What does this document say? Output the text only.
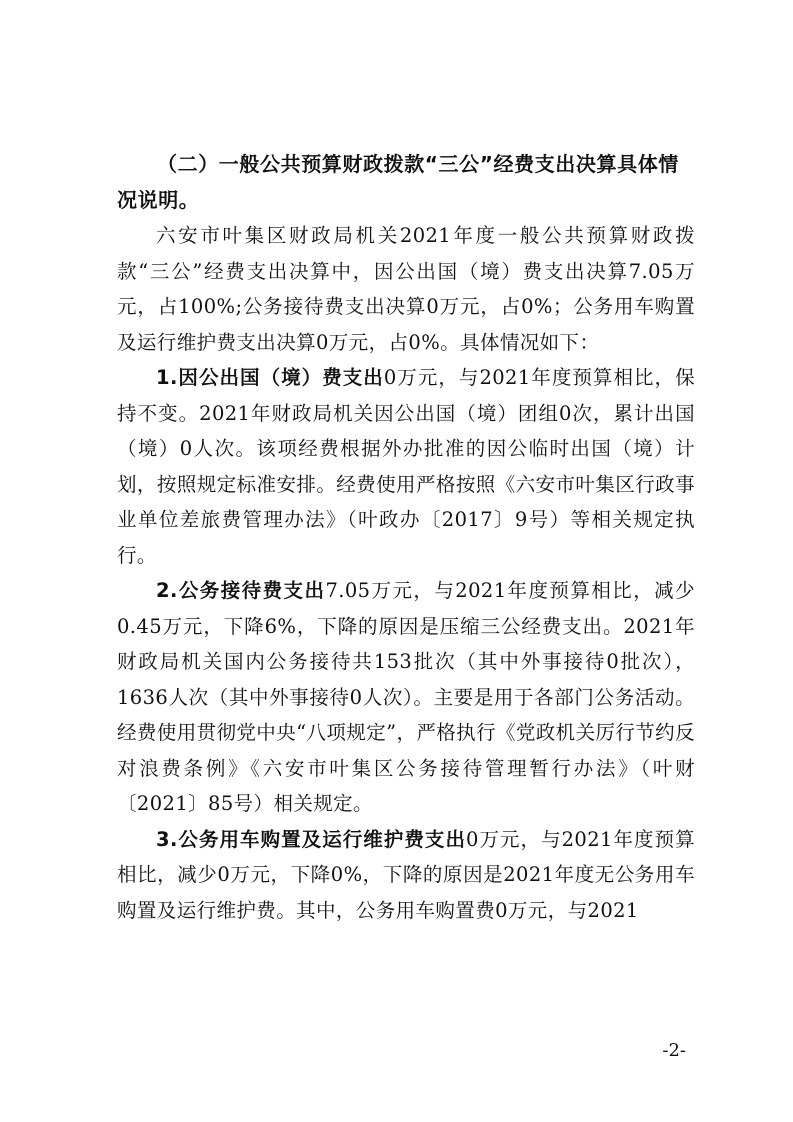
（二）一般公共预算财政拨款“三公”经费支出决算具体情况说明。

六安市叶集区财政局机关2021年度一般公共预算财政拨款“三公”经费支出决算中，因公出国（境）费支出决算7.05万元，占100%;公务接待费支出决算0万元，占0%；公务用车购置及运行维护费支出决算0万元，占0%。具体情况如下：

1.因公出国（境）费支出0万元，与2021年度预算相比，保持不变。2021年财政局机关因公出国（境）团组0次，累计出国（境）0人次。该项经费根据外办批准的因公临时出国（境）计划，按照规定标准安排。经费使用严格按照《六安市叶集区行政事业单位差旅费管理办法》（叶政办〔2017〕9号）等相关规定执行。

2.公务接待费支出7.05万元，与2021年度预算相比，减少0.45万元，下降6%，下降的原因是压缩三公经费支出。2021年财政局机关国内公务接待共153批次（其中外事接待0批次），1636人次（其中外事接待0人次）。主要是用于各部门公务活动。经费使用贯彻党中央“八项规定”，严格执行《党政机关厉行节约反对浪费条例》《六安市叶集区公务接待管理暂行办法》（叶财〔2021〕85号）相关规定。

3.公务用车购置及运行维护费支出0万元，与2021年度预算相比，减少0万元，下降0%，下降的原因是2021年度无公务用车购置及运行维护费。其中，公务用车购置费0万元，与2021

-2-
